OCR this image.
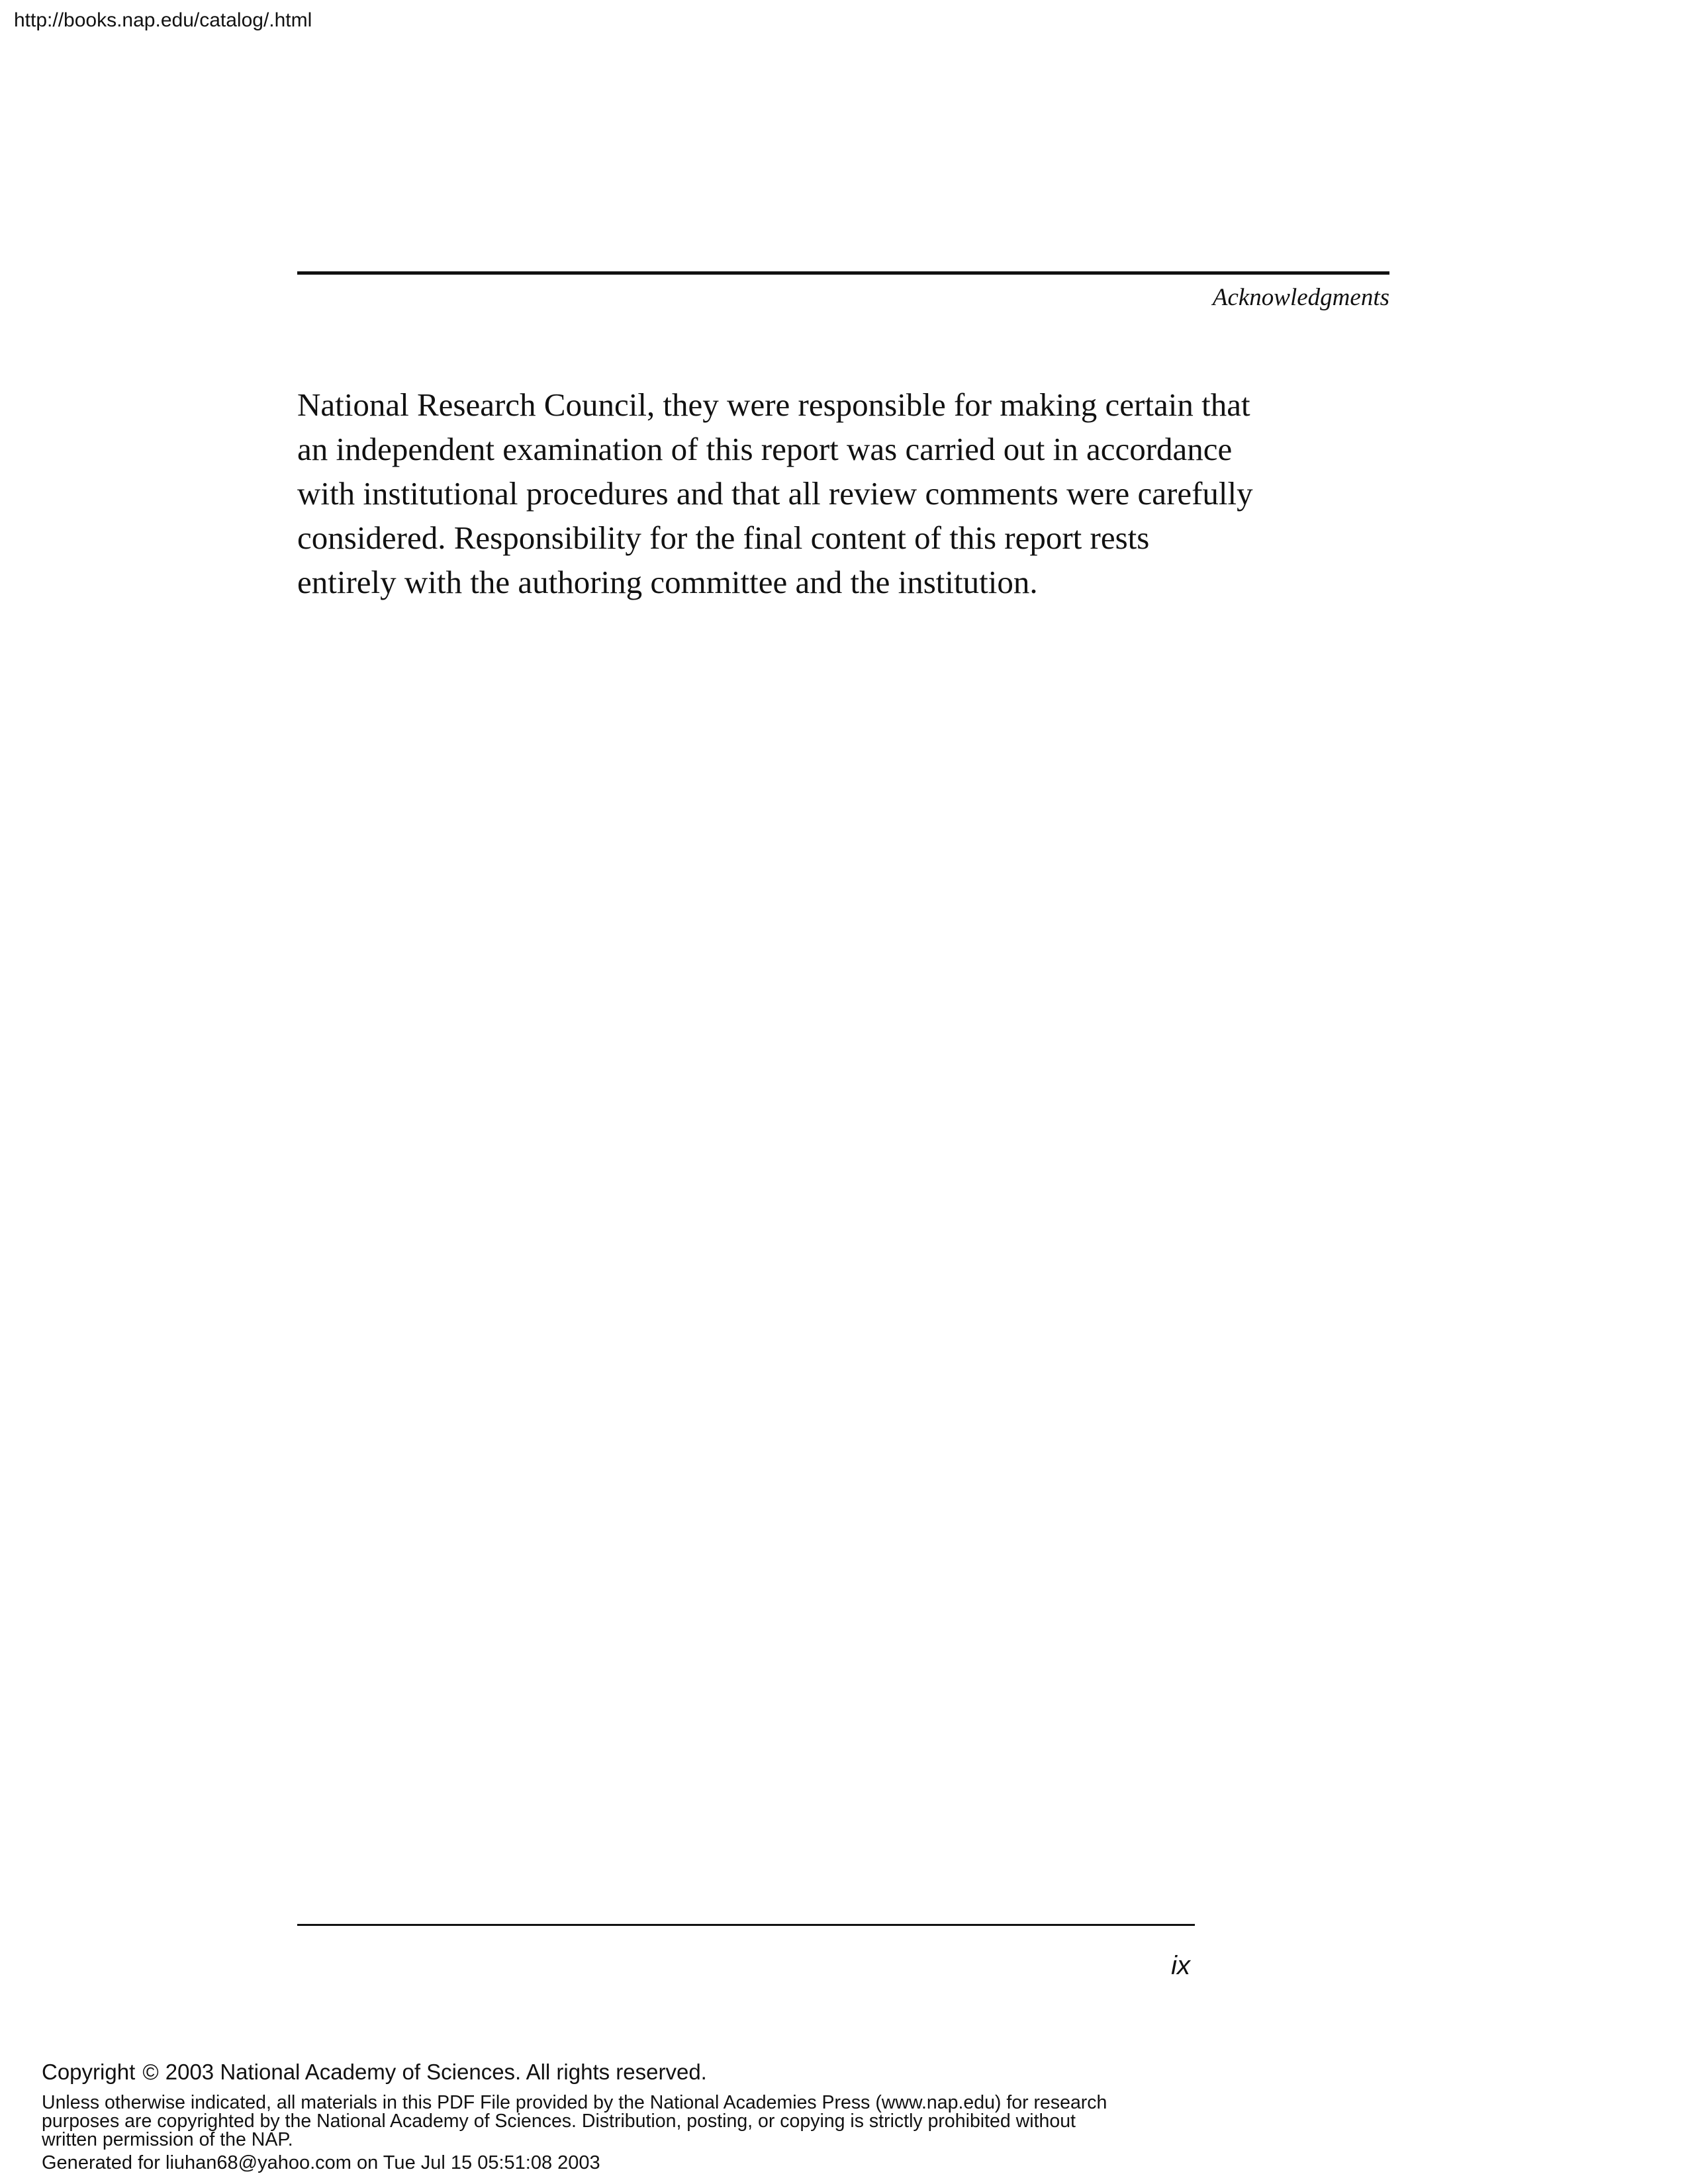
http://books.nap.edu/catalog/.html
Acknowledgments

National Research Council, they were responsible for making certain that
an independent examination of this report was carried out in accordance
with institutional procedures and that all review comments were carefully
considered. Responsibility for the final content of this report rests
entirely with the authoring committee and the institution.

ix
Copyright © 2003 National Academy of Sciences. All rights reserved.
Unless otherwise indicated, all materials in this PDF File provided by the National Academies Press (www.nap.edu) for research
purposes are copyrighted by the National Academy of Sciences. Distribution, posting, or copying is strictly prohibited without
written permission of the NAP.
Generated for liuhan68@yahoo.com on Tue Jul 15 05:51:08 2003
